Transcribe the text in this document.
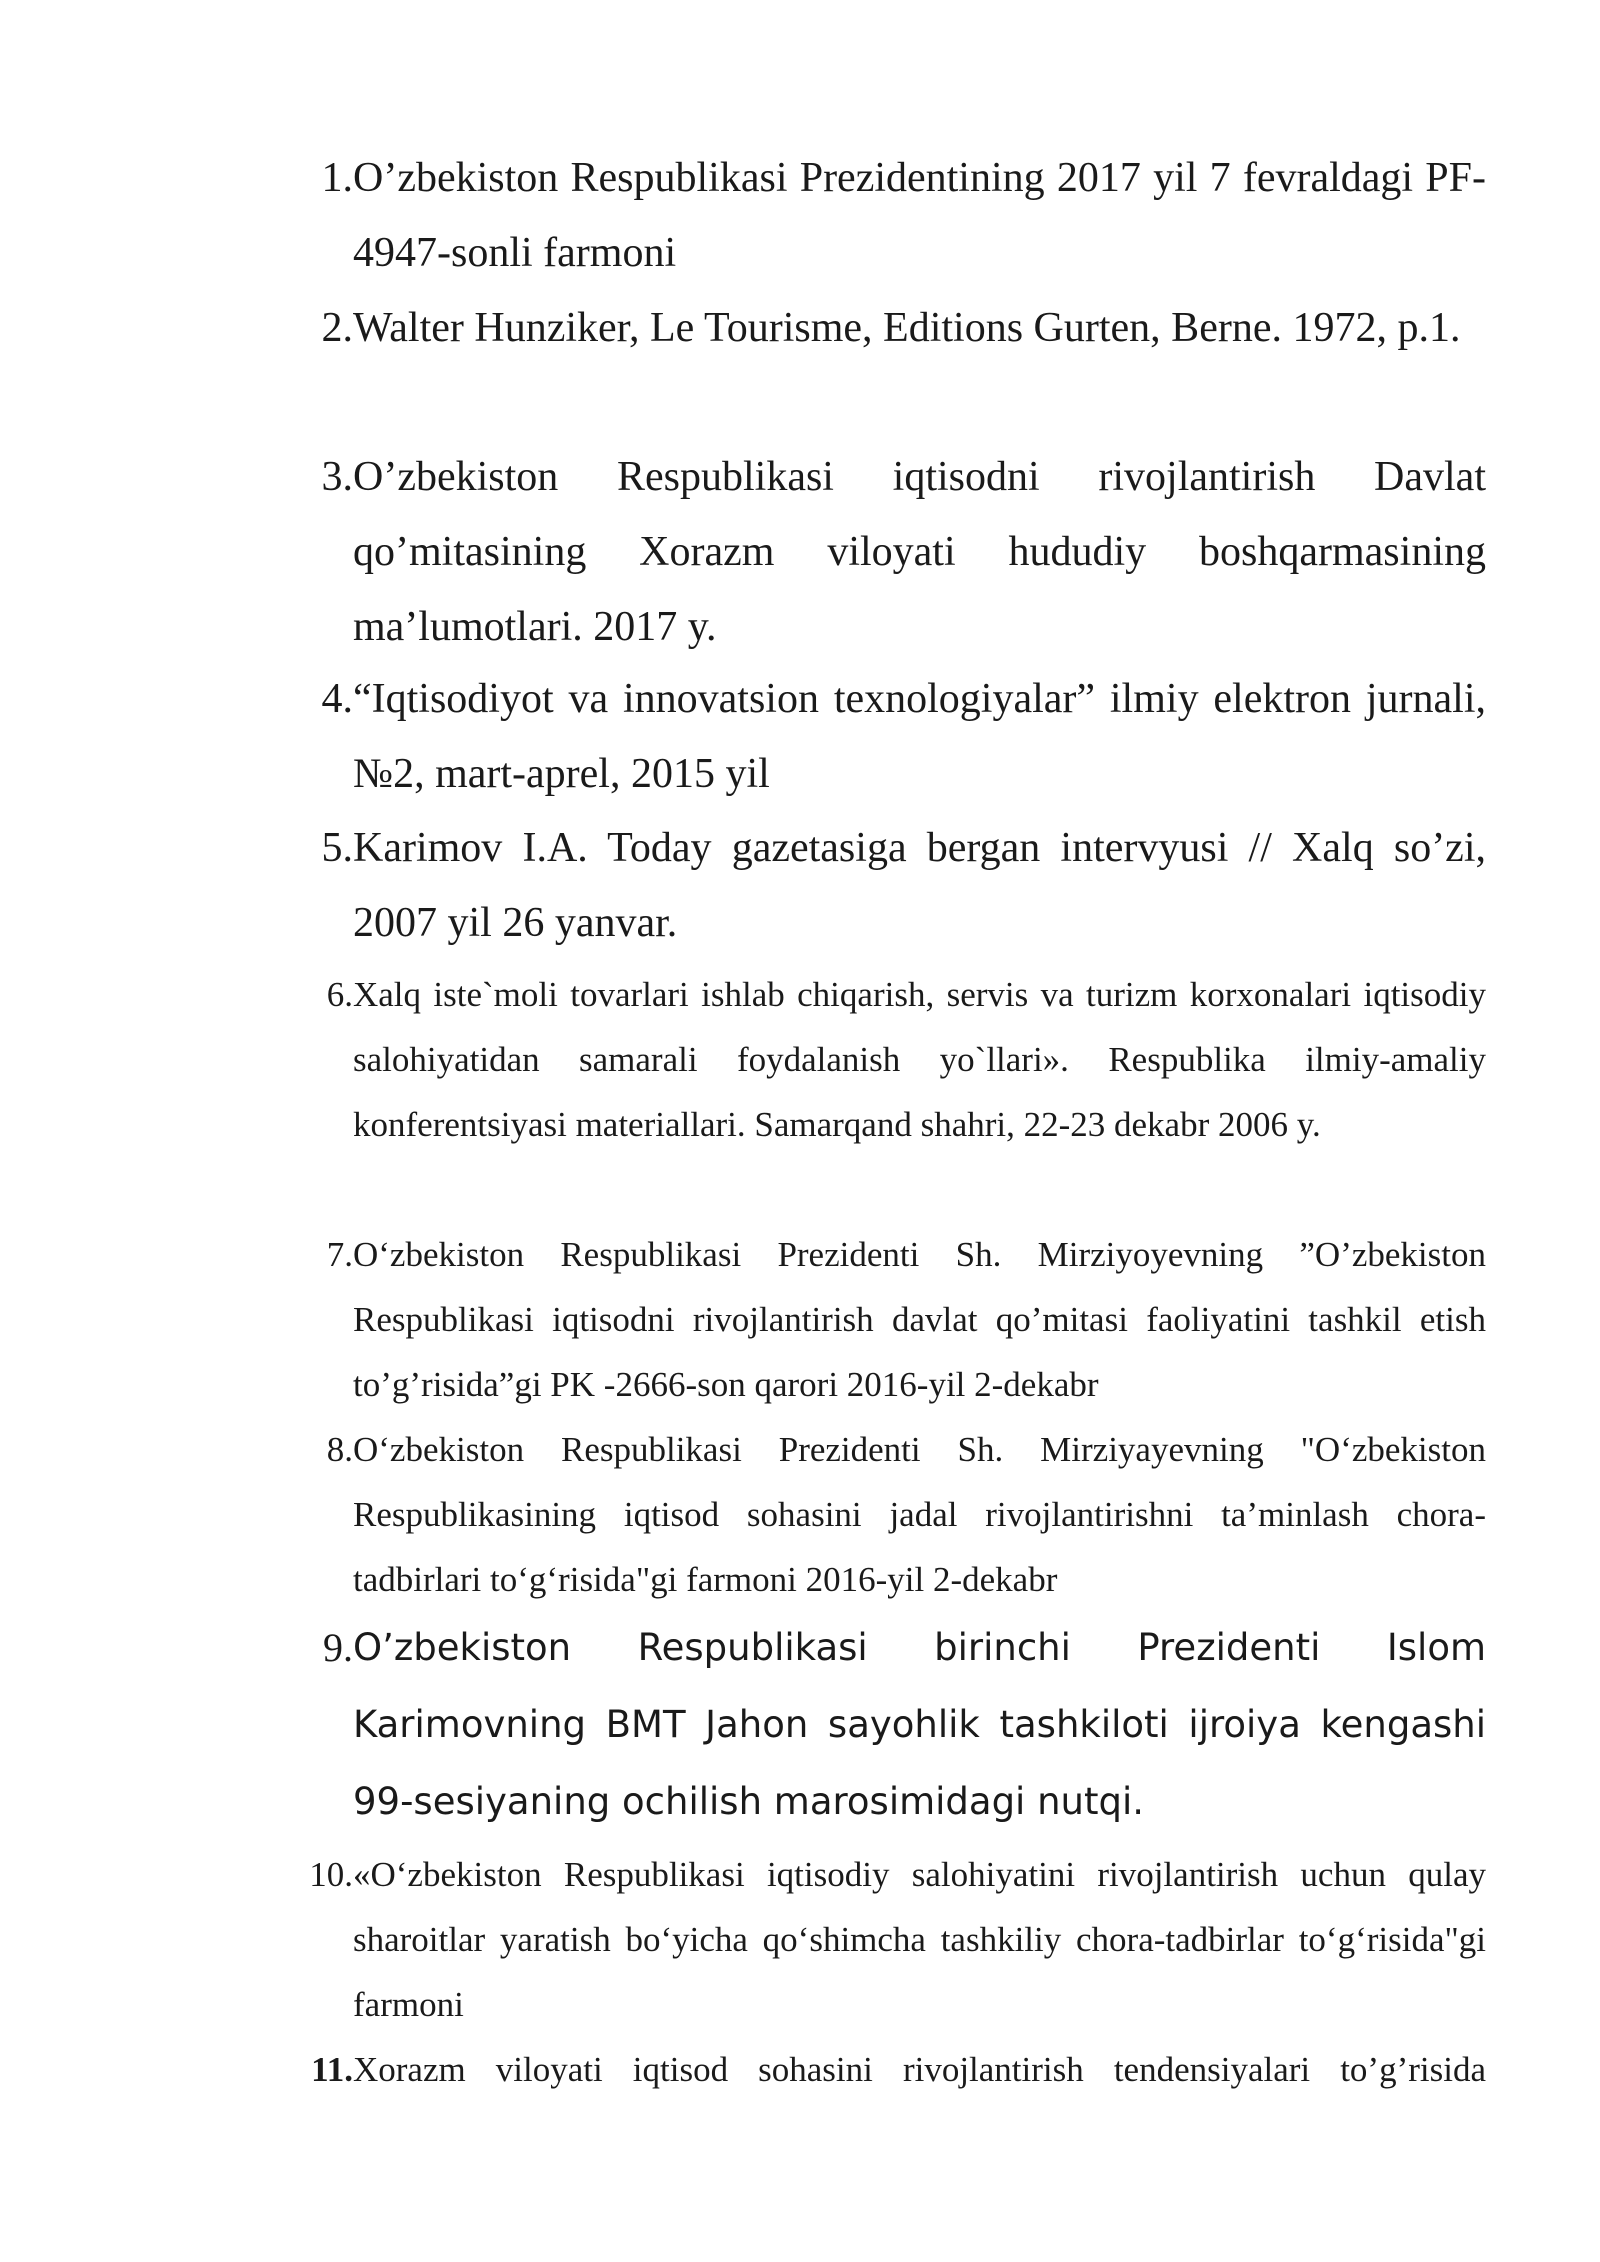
1. O’zbekiston Respublikasi Prezidentining 2017 yil 7 fevraldagi PF-4947-sonli farmoni
2. Walter Hunziker, Le Tourisme, Editions Gurten, Berne. 1972, p.1.
3. O’zbekiston Respublikasi iqtisodni rivojlantirish Davlat qo’mitasining Xorazm viloyati hududiy boshqarmasining ma’lumotlari. 2017 y.
4. “Iqtisodiyot va innovatsion texnologiyalar” ilmiy elektron jurnali, №2, mart-aprel, 2015 yil
5. Karimov I.A. Today gazetasiga bergan intervyusi // Xalq so’zi, 2007 yil 26 yanvar.
6. Xalq iste`moli tovarlari ishlab chiqarish, servis va turizm korxonalari iqtisodiy salohiyatidan samarali foydalanish yo`llari». Respublika ilmiy-amaliy konferentsiyasi materiallari. Samarqand shahri, 22-23 dekabr 2006 y.
7. O‘zbekiston Respublikasi Prezidenti Sh. Mirziyoyevning ”O’zbekiston Respublikasi iqtisodni rivojlantirish davlat qo’mitasi faoliyatini tashkil etish to’g’risida”gi PK -2666-son qarori 2016-yil 2-dekabr
8. O‘zbekiston Respublikasi Prezidenti Sh. Mirziyayevning "O‘zbekiston Respublikasining iqtisod sohasini jadal rivojlantirishni ta’minlash chora-tadbirlari to‘g‘risida"gi farmoni 2016-yil 2-dekabr
9. O’zbekiston Respublikasi birinchi Prezidenti Islom Karimovning BMT Jahon sayohlik tashkiloti ijroiya kengashi 99-sesiyaning ochilish marosimidagi nutqi.
10. «O‘zbekiston Respublikasi iqtisodiy salohiyatini rivojlantirish uchun qulay sharoitlar yaratish bo‘yicha qo‘shimcha tashkiliy chora-tadbirlar to‘g‘risida"gi farmoni
11. Xorazm viloyati iqtisod sohasini rivojlantirish tendensiyalari to’g’risida
